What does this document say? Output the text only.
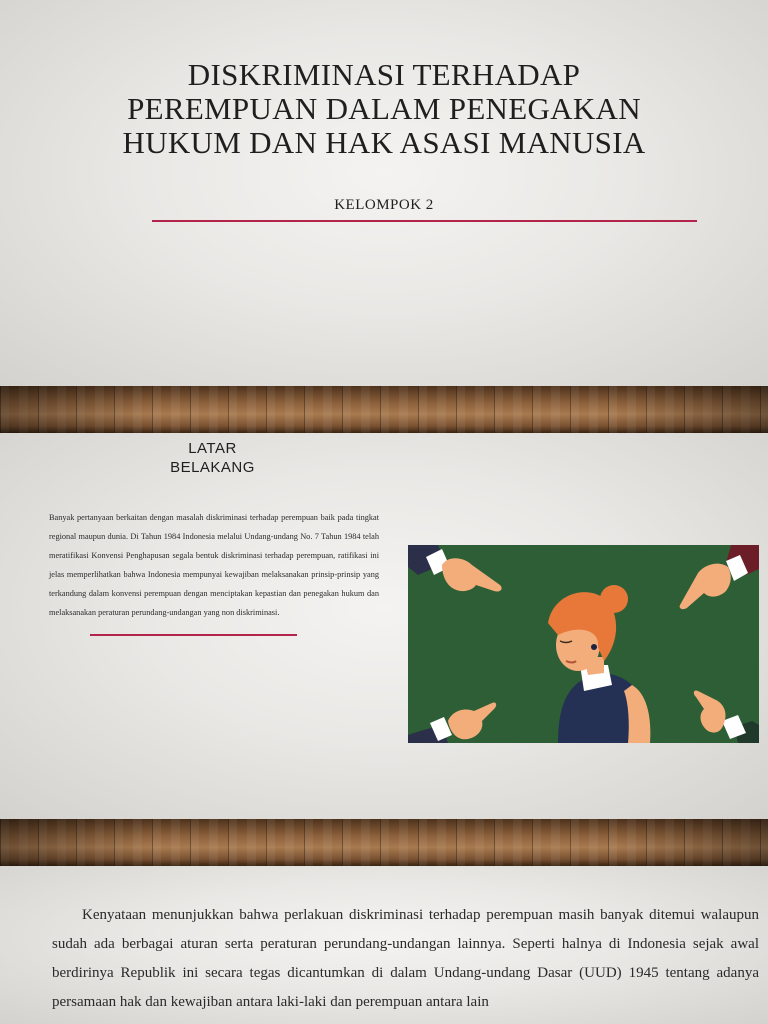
DISKRIMINASI TERHADAP
PEREMPUAN DALAM PENEGAKAN
HUKUM DAN HAK ASASI MANUSIA

KELOMPOK 2

LATAR
BELAKANG

Banyak pertanyaan berkaitan dengan masalah diskriminasi terhadap perempuan baik pada tingkat regional maupun dunia. Di Tahun 1984 Indonesia melalui Undang-undang No. 7 Tahun 1984 telah meratifikasi Konvensi Penghapusan segala bentuk diskriminasi terhadap perempuan, ratifikasi ini jelas memperlihatkan bahwa Indonesia mempunyai kewajiban melaksanakan prinsip-prinsip yang terkandung dalam konvensi perempuan dengan menciptakan kepastian dan penegakan hukum dan melaksanakan peraturan perundang-undangan yang non diskriminasi.

Kenyataan menunjukkan bahwa perlakuan diskriminasi terhadap perempuan masih banyak ditemui walaupun sudah ada berbagai aturan serta peraturan perundang-undangan lainnya. Seperti halnya di Indonesia sejak awal berdirinya Republik ini secara tegas dicantumkan di dalam Undang-undang Dasar (UUD) 1945 tentang adanya persamaan hak dan kewajiban antara laki-laki dan perempuan antara lain
